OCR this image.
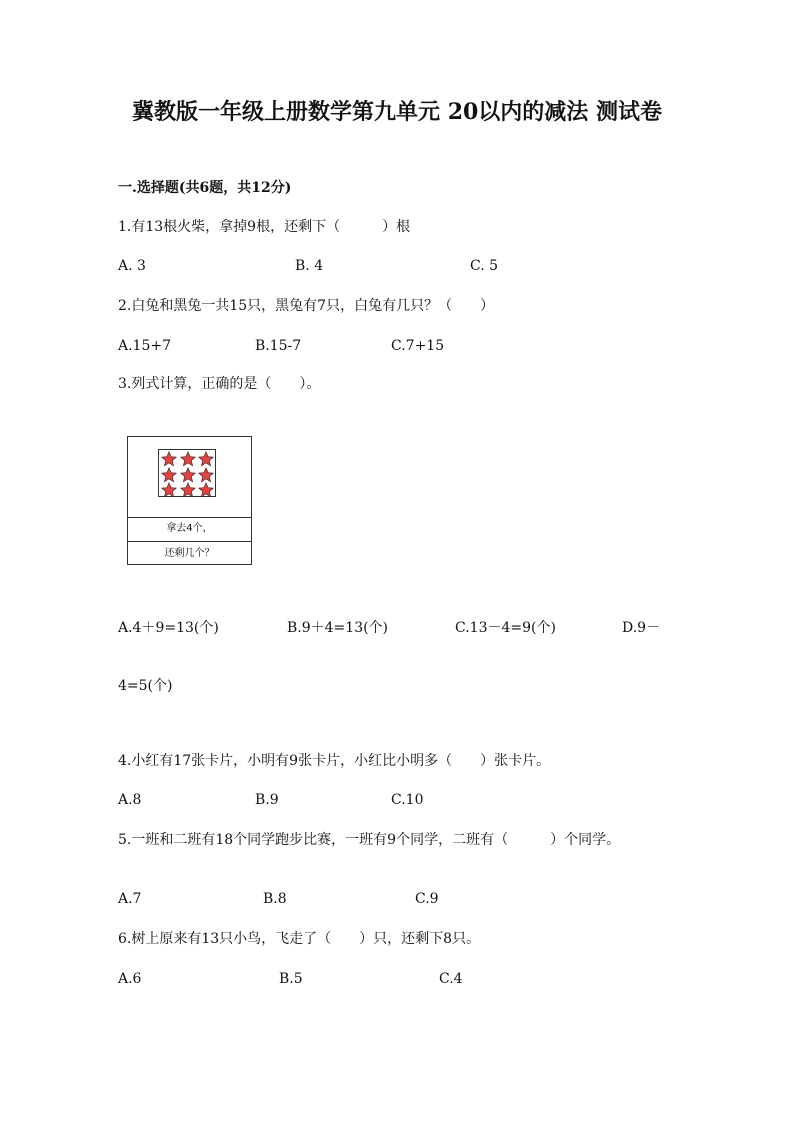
冀教版一年级上册数学第九单元 20以内的减法 测试卷
一.选择题(共6题，共12分)
1.有13根火柴，拿掉9根，还剩下（　　　）根
A. 3	B. 4	C. 5
2.白兔和黑兔一共15只，黑兔有7只，白兔有几只？（　　）
A.15+7	B.15-7	C.7+15
3.列式计算，正确的是（　　）。
拿去4个，
还剩几个？
A.4＋9=13(个)	B.9＋4=13(个)	C.13－4=9(个)	D.9－
4=5(个)
4.小红有17张卡片，小明有9张卡片，小红比小明多（　　）张卡片。
A.8	B.9	C.10
5.一班和二班有18个同学跑步比赛，一班有9个同学，二班有（　　　）个同学。
A.7	B.8	C.9
6.树上原来有13只小鸟，飞走了（　　）只，还剩下8只。
A.6	B.5	C.4
